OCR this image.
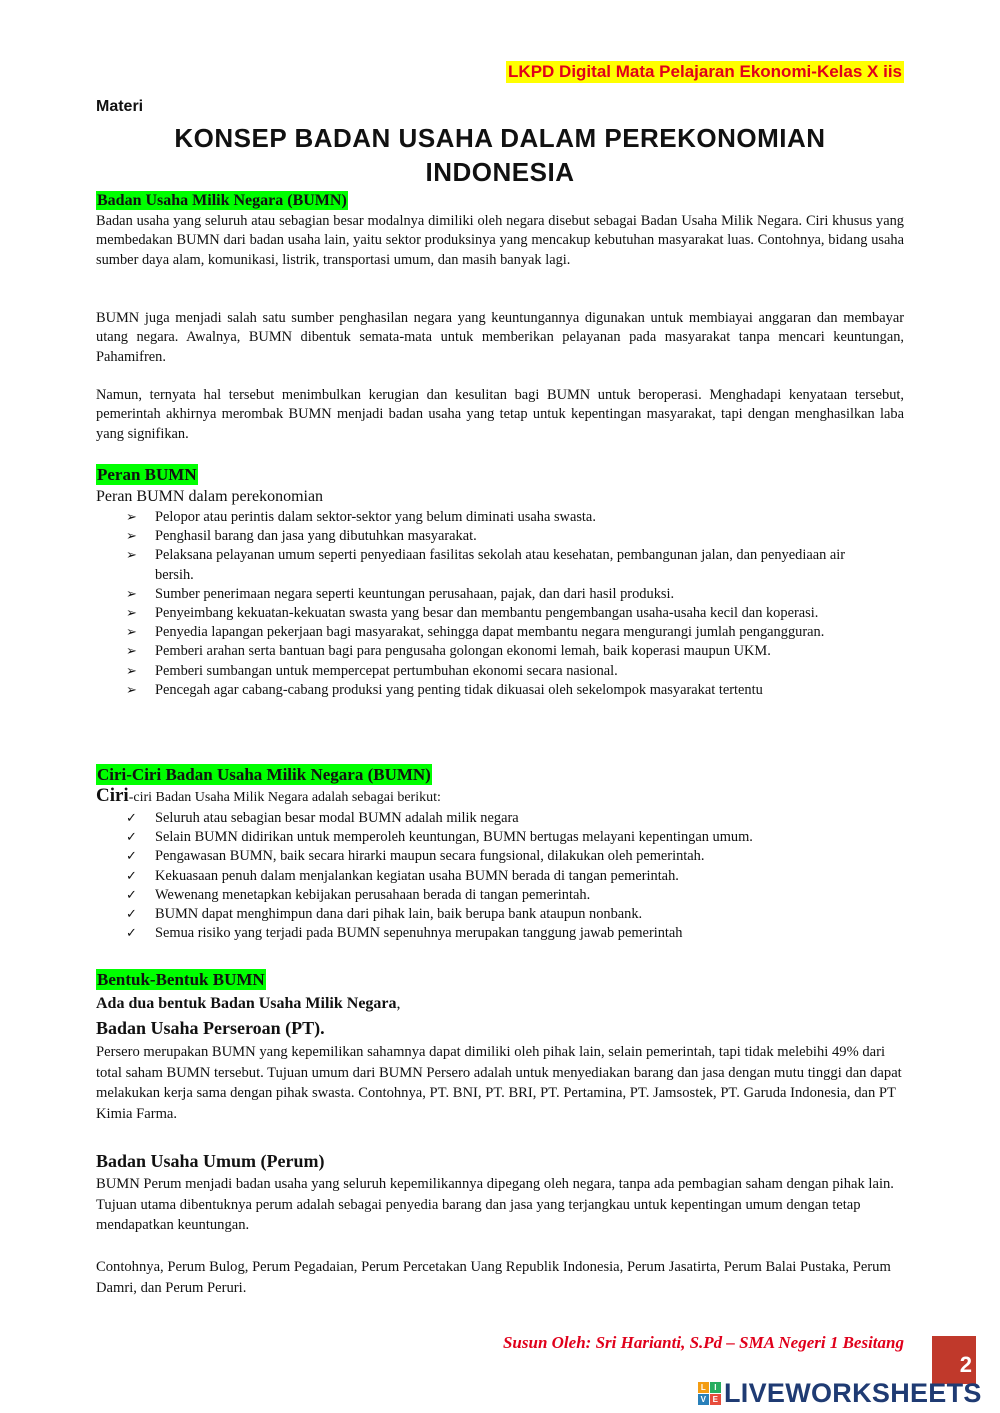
LKPD Digital Mata Pelajaran Ekonomi-Kelas X iis
Materi
KONSEP BADAN USAHA DALAM PEREKONOMIAN
INDONESIA
Badan Usaha Milik Negara (BUMN)

Badan usaha yang seluruh atau sebagian besar modalnya dimiliki oleh negara disebut sebagai Badan Usaha Milik Negara. Ciri khusus yang membedakan BUMN dari badan usaha lain, yaitu sektor produksinya yang mencakup kebutuhan masyarakat luas. Contohnya, bidang usaha sumber daya alam, komunikasi, listrik, transportasi umum, dan masih banyak lagi.

BUMN juga menjadi salah satu sumber penghasilan negara yang keuntungannya digunakan untuk membiayai anggaran dan membayar utang negara. Awalnya, BUMN dibentuk semata-mata untuk memberikan pelayanan pada masyarakat tanpa mencari keuntungan, Pahamifren.

Namun, ternyata hal tersebut menimbulkan kerugian dan kesulitan bagi BUMN untuk beroperasi. Menghadapi kenyataan tersebut, pemerintah akhirnya merombak BUMN menjadi badan usaha yang tetap untuk kepentingan masyarakat, tapi dengan menghasilkan laba yang signifikan.

Peran BUMN
Peran BUMN dalam perekonomian
➢ Pelopor atau perintis dalam sektor-sektor yang belum diminati usaha swasta.
➢ Penghasil barang dan jasa yang dibutuhkan masyarakat.
➢ Pelaksana pelayanan umum seperti penyediaan fasilitas sekolah atau kesehatan, pembangunan jalan, dan penyediaan air bersih.
➢ Sumber penerimaan negara seperti keuntungan perusahaan, pajak, dan dari hasil produksi.
➢ Penyeimbang kekuatan-kekuatan swasta yang besar dan membantu pengembangan usaha-usaha kecil dan koperasi.
➢ Penyedia lapangan pekerjaan bagi masyarakat, sehingga dapat membantu negara mengurangi jumlah pengangguran.
➢ Pemberi arahan serta bantuan bagi para pengusaha golongan ekonomi lemah, baik koperasi maupun UKM.
➢ Pemberi sumbangan untuk mempercepat pertumbuhan ekonomi secara nasional.
➢ Pencegah agar cabang-cabang produksi yang penting tidak dikuasai oleh sekelompok masyarakat tertentu
Ciri-Ciri Badan Usaha Milik Negara (BUMN)
Ciri-ciri Badan Usaha Milik Negara adalah sebagai berikut:
✓ Seluruh atau sebagian besar modal BUMN adalah milik negara
✓ Selain BUMN didirikan untuk memperoleh keuntungan, BUMN bertugas melayani kepentingan umum.
✓ Pengawasan BUMN, baik secara hirarki maupun secara fungsional, dilakukan oleh pemerintah.
✓ Kekuasaan penuh dalam menjalankan kegiatan usaha BUMN berada di tangan pemerintah.
✓ Wewenang menetapkan kebijakan perusahaan berada di tangan pemerintah.
✓ BUMN dapat menghimpun dana dari pihak lain, baik berupa bank ataupun nonbank.
✓ Semua risiko yang terjadi pada BUMN sepenuhnya merupakan tanggung jawab pemerintah
Bentuk-Bentuk BUMN
Ada dua bentuk Badan Usaha Milik Negara,
Badan Usaha Perseroan (PT).

Persero merupakan BUMN yang kepemilikan sahamnya dapat dimiliki oleh pihak lain, selain pemerintah, tapi tidak melebihi 49% dari total saham BUMN tersebut. Tujuan umum dari BUMN Persero adalah untuk menyediakan barang dan jasa dengan mutu tinggi dan dapat melakukan kerja sama dengan pihak swasta. Contohnya, PT. BNI, PT. BRI, PT. Pertamina, PT. Jamsostek, PT. Garuda Indonesia, dan PT Kimia Farma.

Badan Usaha Umum (Perum)

BUMN Perum menjadi badan usaha yang seluruh kepemilikannya dipegang oleh negara, tanpa ada pembagian saham dengan pihak lain. Tujuan utama dibentuknya perum adalah sebagai penyedia barang dan jasa yang terjangkau untuk kepentingan umum dengan tetap mendapatkan keuntungan.

Contohnya, Perum Bulog, Perum Pegadaian, Perum Percetakan Uang Republik Indonesia, Perum Jasatirta, Perum Balai Pustaka, Perum Damri, dan Perum Peruri.

Susun Oleh: Sri Harianti, S.Pd – SMA Negeri 1 Besitang
2
L	I
V E LIVEWORKSHEETS
